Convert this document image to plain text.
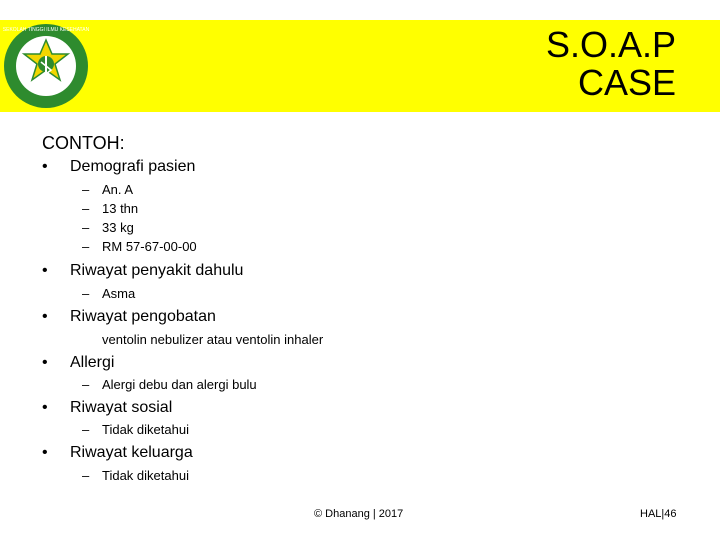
SEKOLAH TINGGI ILMU KESEHATAN	S.O.A.P
CASE
CONTOH:
•	Demografi pasien
– An. A
– 13 thn
– 33 kg
– RM 57-67-00-00
•	Riwayat penyakit dahulu
– Asma
•	Riwayat pengobatan
ventolin nebulizer atau ventolin inhaler
•	Allergi
– Alergi debu dan alergi bulu
•	Riwayat sosial
– Tidak diketahui
•	Riwayat keluarga
– Tidak diketahui
© Dhanang | 2017	HAL|46
